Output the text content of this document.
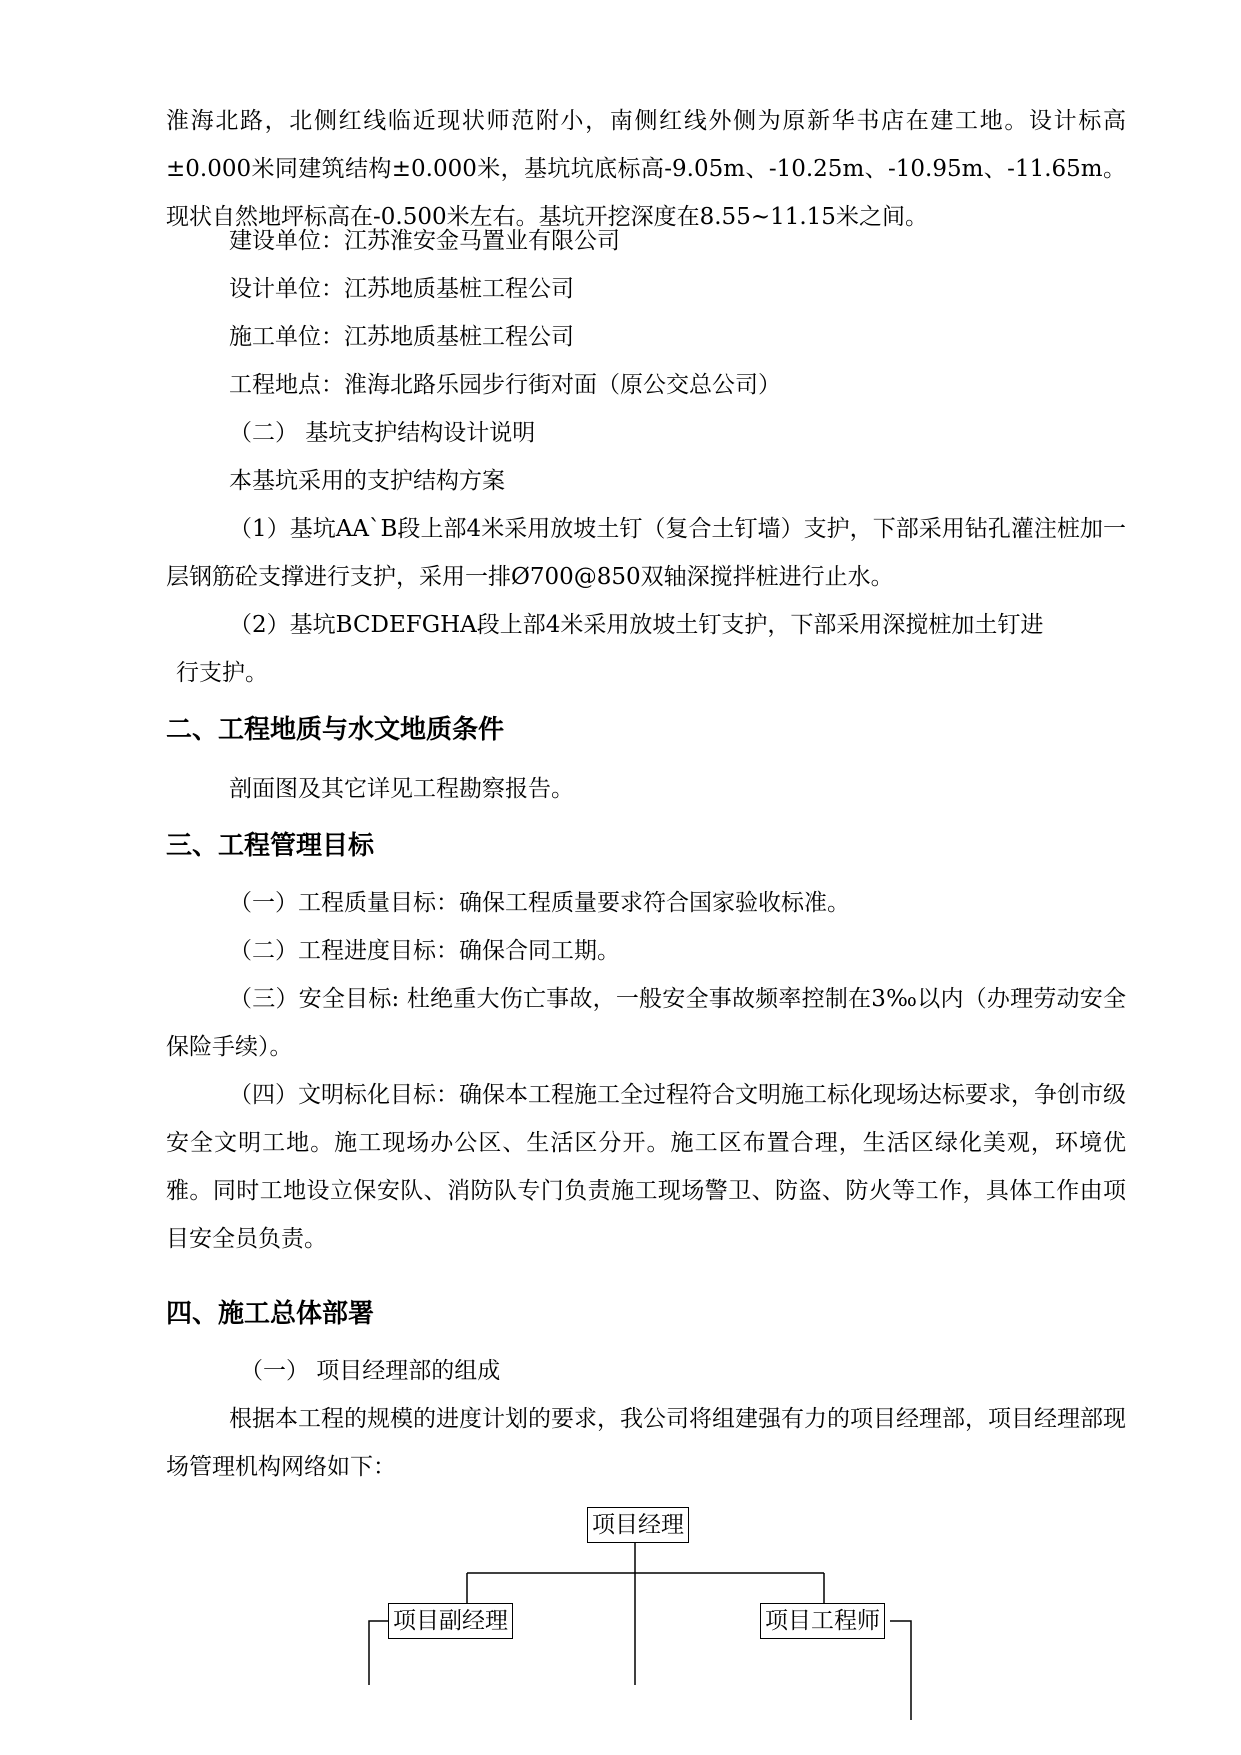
淮海北路，北侧红线临近现状师范附小，南侧红线外侧为原新华书店在建工地。设计标高±0.000米同建筑结构±0.000米，基坑坑底标高-9.05m、-10.25m、-10.95m、-11.65m。现状自然地坪标高在-0.500米左右。基坑开挖深度在8.55~11.15米之间。

建设单位：江苏淮安金马置业有限公司
设计单位：江苏地质基桩工程公司
施工单位：江苏地质基桩工程公司
工程地点：淮海北路乐园步行街对面（原公交总公司）
（二） 基坑支护结构设计说明
本基坑采用的支护结构方案

（1）基坑AA`B段上部4米采用放坡土钉（复合土钉墙）支护，下部采用钻孔灌注桩加一层钢筋砼支撑进行支护，采用一排Ø700@850双轴深搅拌桩进行止水。

（2）基坑BCDEFGHA段上部4米采用放坡土钉支护，下部采用深搅桩加土钉进
行支护。
二、工程地质与水文地质条件
剖面图及其它详见工程勘察报告。
三、工程管理目标
（一）工程质量目标：确保工程质量要求符合国家验收标准。
（二）工程进度目标：确保合同工期。

（三）安全目标: 杜绝重大伤亡事故，一般安全事故频率控制在3‰以内（办理劳动安全保险手续）。

（四）文明标化目标：确保本工程施工全过程符合文明施工标化现场达标要求，争创市级安全文明工地。施工现场办公区、生活区分开。施工区布置合理，生活区绿化美观，环境优雅。同时工地设立保安队、消防队专门负责施工现场警卫、防盗、防火等工作，具体工作由项目安全员负责。

四、施工总体部署
（一） 项目经理部的组成

根据本工程的规模的进度计划的要求，我公司将组建强有力的项目经理部，项目经理部现场管理机构网络如下：

项目经理
项目副经理	项目工程师
